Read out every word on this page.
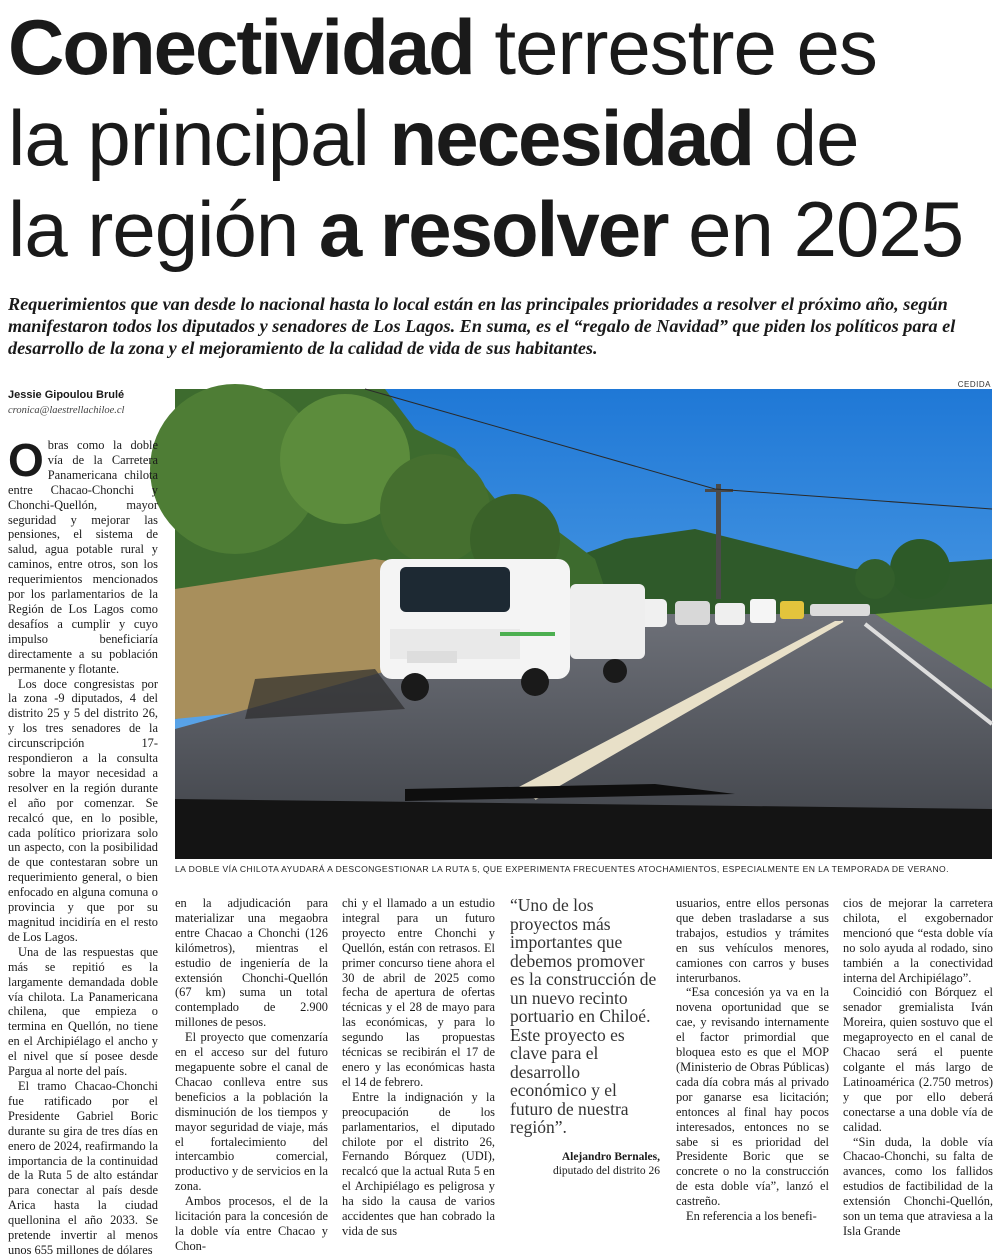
Conectividad terrestre es
la principal necesidad de
la región a resolver en 2025

Requerimientos que van desde lo nacional hasta lo local están en las principales prioridades a resolver el próximo año, según manifestaron todos los diputados y senadores de Los Lagos. En suma, es el “regalo de Navidad” que piden los políticos para el desarrollo de la zona y el mejoramiento de la calidad de vida de sus habitantes.

Jessie Gipoulou Brulé

cronica@laestrellachiloe.cl

CEDIDA

LA DOBLE VÍA CHILOTA AYUDARÁ A DESCONGESTIONAR LA RUTA 5, QUE EXPERIMENTA FRECUENTES ATOCHAMIENTOS, ESPECIALMENTE EN LA TEMPORADA DE VERANO.

Obras como la doble vía de la Carretera Panamericana chilota entre Chacao-Chonchi y Chonchi-Quellón, mayor seguridad y mejorar las pensiones, el sistema de salud, agua potable rural y caminos, entre otros, son los requerimientos mencionados por los parlamentarios de la Región de Los Lagos como desafíos a cumplir y cuyo impulso beneficiaría directamente a su población permanente y flotante.

Los doce congresistas por la zona -9 diputados, 4 del distrito 25 y 5 del distrito 26, y los tres senadores de la circunscripción 17- respondieron a la consulta sobre la mayor necesidad a resolver en la región durante el año por comenzar. Se recalcó que, en lo posible, cada político priorizara solo un aspecto, con la posibilidad de que contestaran sobre un requerimiento general, o bien enfocado en alguna comuna o provincia y que por su magnitud incidiría en el resto de Los Lagos.

Una de las respuestas que más se repitió es la largamente demandada doble vía chilota. La Panamericana chilena, que empieza o termina en Quellón, no tiene en el Archipiélago el ancho y el nivel que sí posee desde Pargua al norte del país.

El tramo Chacao-Chonchi fue ratificado por el Presidente Gabriel Boric durante su gira de tres días en enero de 2024, reafirmando la importancia de la continuidad de la Ruta 5 de alto estándar para conectar al país desde Arica hasta la ciudad quellonina el año 2033. Se pretende invertir al menos unos 655 millones de dólares

en la adjudicación para materializar una megaobra entre Chacao a Chonchi (126 kilómetros), mientras el estudio de ingeniería de la extensión Chonchi-Quellón (67 km) suma un total contemplado de 2.900 millones de pesos.

El proyecto que comenzaría en el acceso sur del futuro megapuente sobre el canal de Chacao conlleva entre sus beneficios a la población la disminución de los tiempos y mayor seguridad de viaje, más el fortalecimiento del intercambio comercial, productivo y de servicios en la zona.

Ambos procesos, el de la licitación para la concesión de la doble vía entre Chacao y Chon-

chi y el llamado a un estudio integral para un futuro proyecto entre Chonchi y Quellón, están con retrasos. El primer concurso tiene ahora el 30 de abril de 2025 como fecha de apertura de ofertas técnicas y el 28 de mayo para las económicas, y para lo segundo las propuestas técnicas se recibirán el 17 de enero y las económicas hasta el 14 de febrero.

Entre la indignación y la preocupación de los parlamentarios, el diputado chilote por el distrito 26, Fernando Bórquez (UDI), recalcó que la actual Ruta 5 en el Archipiélago es peligrosa y ha sido la causa de varios accidentes que han cobrado la vida de sus

“Uno de los proyectos más importantes que debemos promover es la construcción de un nuevo recinto portuario en Chiloé. Este proyecto es clave para el desarrollo económico y el futuro de nuestra región”.

Alejandro Bernales,

diputado del distrito 26

usuarios, entre ellos personas que deben trasladarse a sus trabajos, estudios y trámites en sus vehículos menores, camiones con carros y buses interurbanos.

“Esa concesión ya va en la novena oportunidad que se cae, y revisando internamente el factor primordial que bloquea esto es que el MOP (Ministerio de Obras Públicas) cada día cobra más al privado por ganarse esa licitación; entonces al final hay pocos interesados, entonces no se sabe si es prioridad del Presidente Boric que se concrete o no la construcción de esta doble vía”, lanzó el castreño.

En referencia a los benefi-

cios de mejorar la carretera chilota, el exgobernador mencionó que “esta doble vía no solo ayuda al rodado, sino también a la conectividad interna del Archipiélago”.

Coincidió con Bórquez el senador gremialista Iván Moreira, quien sostuvo que el megaproyecto en el canal de Chacao será el puente colgante el más largo de Latinoamérica (2.750 metros) y que por ello deberá conectarse a una doble vía de calidad.

“Sin duda, la doble vía Chacao-Chonchi, su falta de avances, como los fallidos estudios de factibilidad de la extensión Chonchi-Quellón, son un tema que atraviesa a la Isla Grande
